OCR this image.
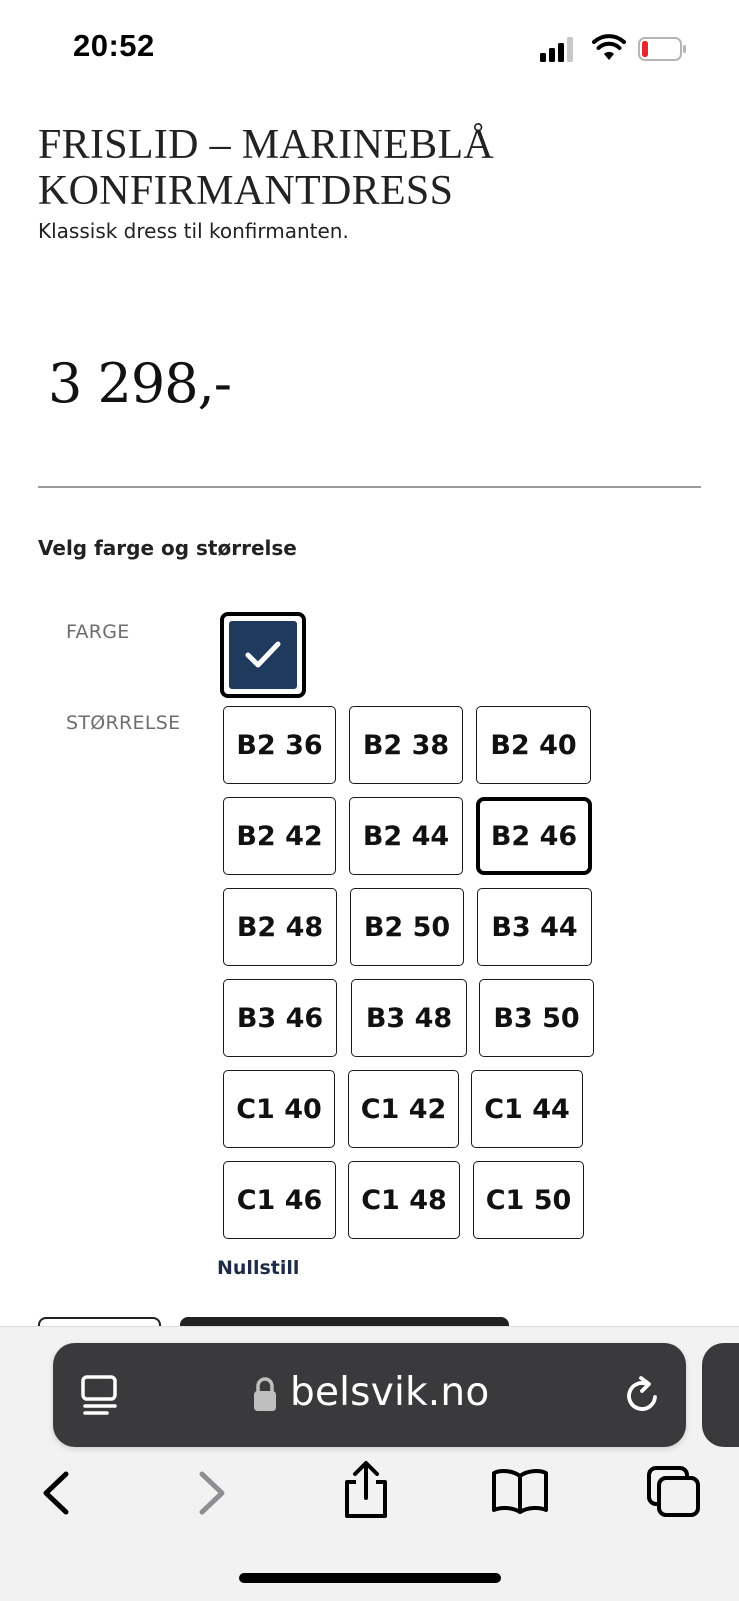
20:52
FRISLID – MARINEBLÅ
KONFIRMANTDRESS
Klassisk dress til konfirmanten.
3 298,-
Velg farge og størrelse
FARGE
STØRRELSE
B2 36	B2 38	B2 40
B2 42	B2 44	B2 46
B2 48	B2 50	B3 44
B3 46	B3 48	B3 50
C1 40	C1 42	C1 44
C1 46	C1 48	C1 50
Nullstill
belsvik.no
